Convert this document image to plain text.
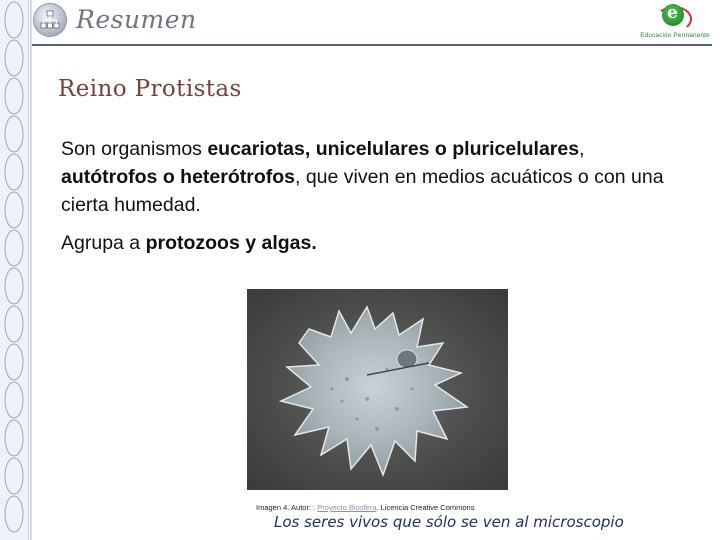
Resumen	e
Educación Permanente
Reino Protistas
Son organismos eucariotas, unicelulares o pluricelulares, autótrofos o heterótrofos, que viven en medios acuáticos o con una cierta humedad.
Agrupa a protozoos y algas.
Imagen 4. Autor: . Proyecto Biosfera. Licencia Creative Commons
Los seres vivos que sólo se ven al microscopio
